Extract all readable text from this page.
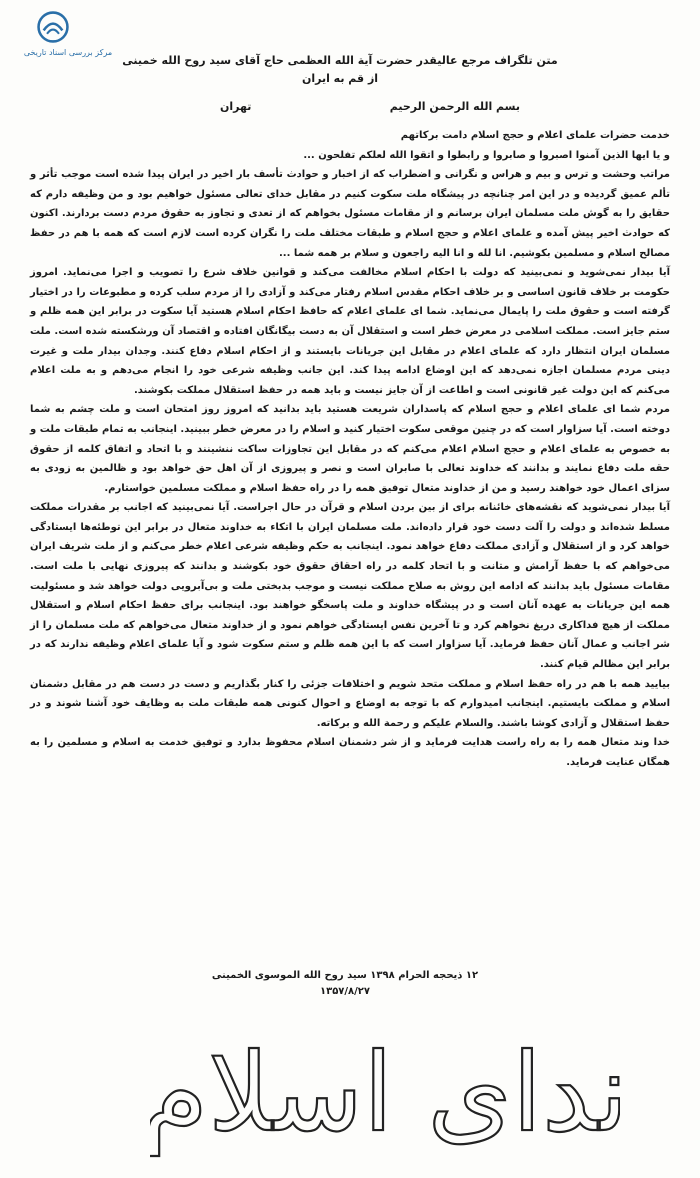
مرکز بررسی اسناد تاریخی
متن تلگراف مرجع عالیقدر حضرت آیة الله العظمی حاج آقای سید روح الله خمینی
از قم به ایران
بسم الله الرحمن الرحیم
تهران

خدمت حضرات علمای اعلام و حجج اسلام دامت برکاتهم

و یا ایها الذین آمنوا اصبروا و صابروا و رابطوا و اتقوا الله لعلکم تفلحون ...

مراتب وحشت و ترس و بیم و هراس و نگرانی و اضطراب که از اخبار و حوادث تأسف بار اخیر در ایران پیدا شده است موجب تأثر و تألم عمیق گردیده و در این امر چنانچه در پیشگاه ملت سکوت کنیم در مقابل خدای تعالی مسئول خواهیم بود و من وظیفه دارم که حقایق را به گوش ملت مسلمان ایران برسانم و از مقامات مسئول بخواهم که از تعدی و تجاوز به حقوق مردم دست بردارند. اکنون که حوادث اخیر پیش آمده و علمای اعلام و حجج اسلام و طبقات مختلف ملت را نگران کرده است لازم است که همه با هم در حفظ مصالح اسلام و مسلمین بکوشیم. انا لله و انا الیه راجعون و سلام بر همه شما ...

آیا بیدار نمی‌شوید و نمی‌بینید که دولت با احکام اسلام مخالفت می‌کند و قوانین خلاف شرع را تصویب و اجرا می‌نماید. امروز حکومت بر خلاف قانون اساسی و بر خلاف احکام مقدس اسلام رفتار می‌کند و آزادی را از مردم سلب کرده و مطبوعات را در اختیار گرفته است و حقوق ملت را پایمال می‌نماید. شما ای علمای اعلام که حافظ احکام اسلام هستید آیا سکوت در برابر این همه ظلم و ستم جایز است. مملکت اسلامی در معرض خطر است و استقلال آن به دست بیگانگان افتاده و اقتصاد آن ورشکسته شده است. ملت مسلمان ایران انتظار دارد که علمای اعلام در مقابل این جریانات بایستند و از احکام اسلام دفاع کنند. وجدان بیدار ملت و غیرت دینی مردم مسلمان اجازه نمی‌دهد که این اوضاع ادامه پیدا کند. این جانب وظیفه شرعی خود را انجام می‌دهم و به ملت اعلام می‌کنم که این دولت غیر قانونی است و اطاعت از آن جایز نیست و باید همه در حفظ استقلال مملکت بکوشند.

مردم شما ای علمای اعلام و حجج اسلام که پاسداران شریعت هستید باید بدانید که امروز روز امتحان است و ملت چشم به شما دوخته است. آیا سزاوار است که در چنین موقعی سکوت اختیار کنید و اسلام را در معرض خطر ببینید. اینجانب به تمام طبقات ملت و به خصوص به علمای اعلام و حجج اسلام اعلام می‌کنم که در مقابل این تجاوزات ساکت ننشینند و با اتحاد و اتفاق کلمه از حقوق حقه ملت دفاع نمایند و بدانند که خداوند تعالی با صابران است و نصر و پیروزی از آن اهل حق خواهد بود و ظالمین به زودی به سزای اعمال خود خواهند رسید و من از خداوند متعال توفیق همه را در راه حفظ اسلام و مملکت مسلمین خواستارم.

آیا بیدار نمی‌شوید که نقشه‌های خائنانه برای از بین بردن اسلام و قرآن در حال اجراست. آیا نمی‌بینید که اجانب بر مقدرات مملکت مسلط شده‌اند و دولت را آلت دست خود قرار داده‌اند. ملت مسلمان ایران با اتکاء به خداوند متعال در برابر این توطئه‌ها ایستادگی خواهد کرد و از استقلال و آزادی مملکت دفاع خواهد نمود. اینجانب به حکم وظیفه شرعی اعلام خطر می‌کنم و از ملت شریف ایران می‌خواهم که با حفظ آرامش و متانت و با اتحاد کلمه در راه احقاق حقوق خود بکوشند و بدانند که پیروزی نهایی با ملت است. مقامات مسئول باید بدانند که ادامه این روش به صلاح مملکت نیست و موجب بدبختی ملت و بی‌آبرویی دولت خواهد شد و مسئولیت همه این جریانات به عهده آنان است و در پیشگاه خداوند و ملت پاسخگو خواهند بود. اینجانب برای حفظ احکام اسلام و استقلال مملکت از هیچ فداکاری دریغ نخواهم کرد و تا آخرین نفس ایستادگی خواهم نمود و از خداوند متعال می‌خواهم که ملت مسلمان را از شر اجانب و عمال آنان حفظ فرماید. آیا سزاوار است که با این همه ظلم و ستم سکوت شود و آیا علمای اعلام وظیفه ندارند که در برابر این مظالم قیام کنند.

بیایید همه با هم در راه حفظ اسلام و مملکت متحد شویم و اختلافات جزئی را کنار بگذاریم و دست در دست هم در مقابل دشمنان اسلام و مملکت بایستیم. اینجانب امیدوارم که با توجه به اوضاع و احوال کنونی همه طبقات ملت به وظایف خود آشنا شوند و در حفظ استقلال و آزادی کوشا باشند. والسلام علیکم و رحمة الله و برکاته.

خدا وند متعال همه را به راه راست هدایت فرماید و از شر دشمنان اسلام محفوظ بدارد و توفیق خدمت به اسلام و مسلمین را به همگان عنایت فرماید.

۱۲ ذیحجه الحرام ۱۳۹۸ سید روح الله الموسوی الخمینی
۱۳۵۷/۸/۲۷
ندای اسلام
